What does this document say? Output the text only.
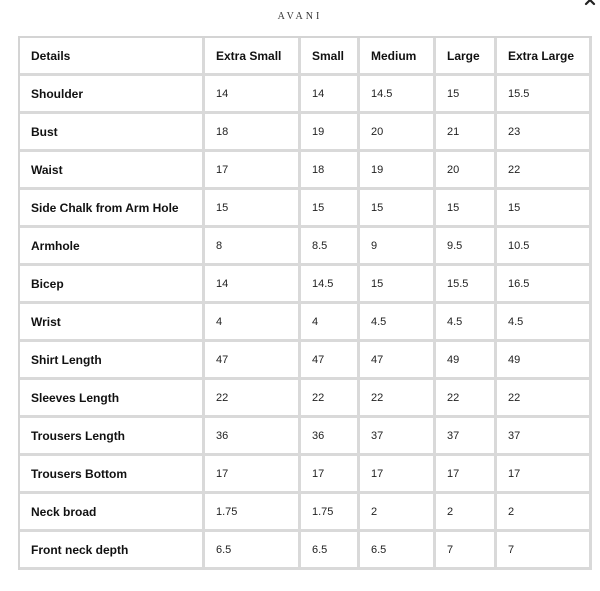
AVANI
Details	Extra Small	Small	Medium	Large	Extra Large
Shoulder	14	14	14.5	15	15.5
Bust	18	19	20	21	23
Waist	17	18	19	20	22
Side Chalk from Arm Hole	15	15	15	15	15
Armhole	8	8.5	9	9.5	10.5
Bicep	14	14.5	15	15.5	16.5
Wrist	4	4	4.5	4.5	4.5
Shirt Length	47	47	47	49	49
Sleeves Length	22	22	22	22	22
Trousers Length	36	36	37	37	37
Trousers Bottom	17	17	17	17	17
Neck broad	1.75	1.75	2	2	2
Front neck depth	6.5	6.5	6.5	7	7
